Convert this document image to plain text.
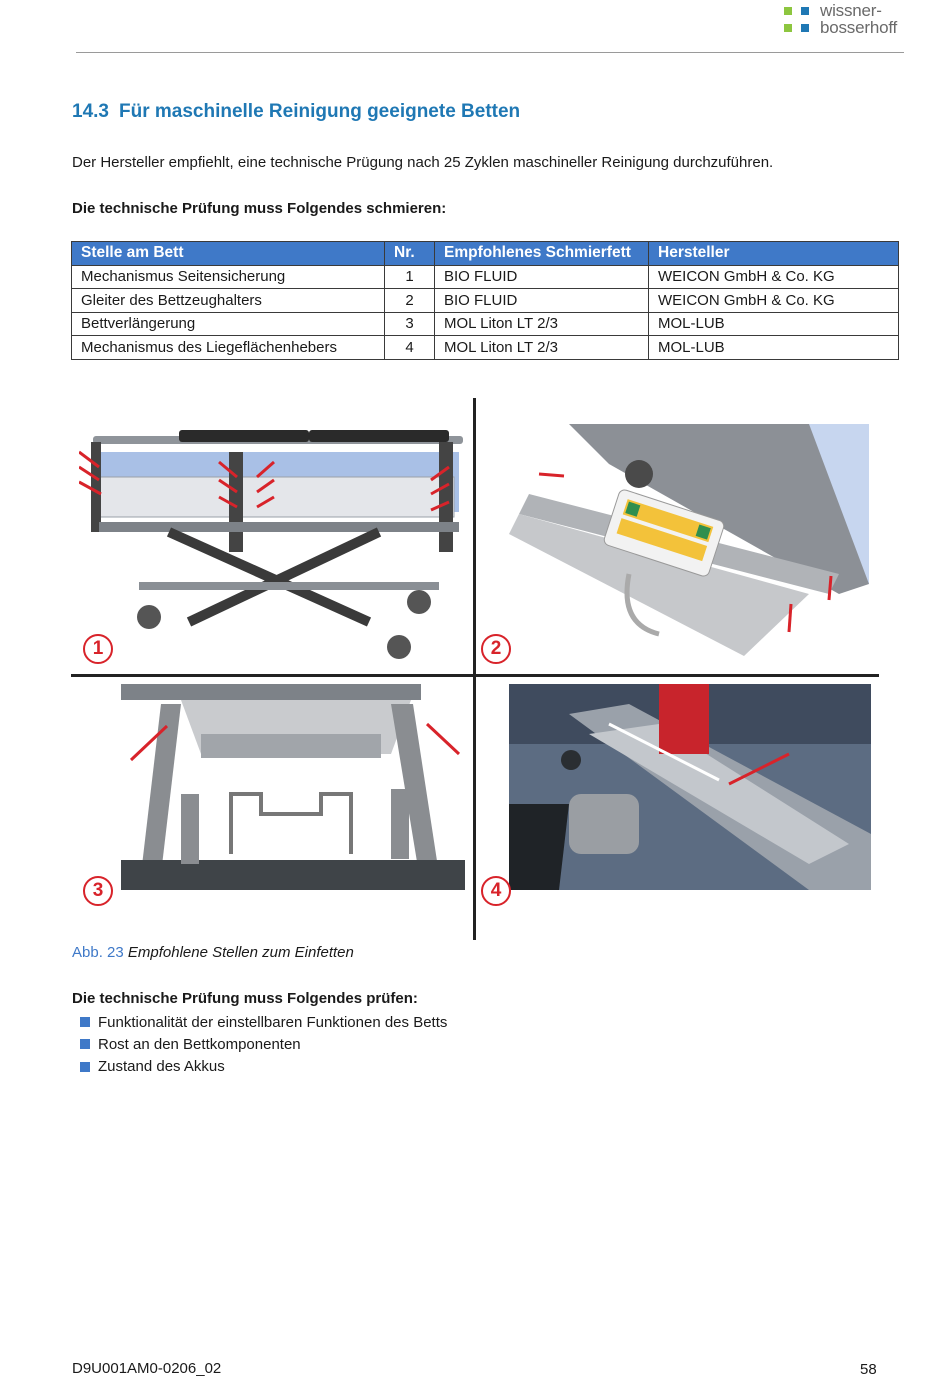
wissner-
bosserhoff
14.3 Für maschinelle Reinigung geeignete Betten
Der Hersteller empfiehlt, eine technische Prügung nach 25 Zyklen maschineller Reinigung durchzuführen.
Die technische Prüfung muss Folgendes schmieren:
Stelle am Bett	Nr.	Empfohlenes Schmierfett	Hersteller
Mechanismus Seitensicherung	1	BIO FLUID	WEICON GmbH & Co. KG
Gleiter des Bettzeughalters	2	BIO FLUID	WEICON GmbH & Co. KG
Bettverlängerung	3	MOL Liton LT 2/3	MOL-LUB
Mechanismus des Liegeflächenhebers	4	MOL Liton LT 2/3	MOL-LUB
1	2
3	4
Abb. 23 Empfohlene Stellen zum Einfetten
Die technische Prüfung muss Folgendes prüfen:
Funktionalität der einstellbaren Funktionen des Betts
Rost an den Bettkomponenten
Zustand des Akkus
D9U001AM0-0206_02	58
